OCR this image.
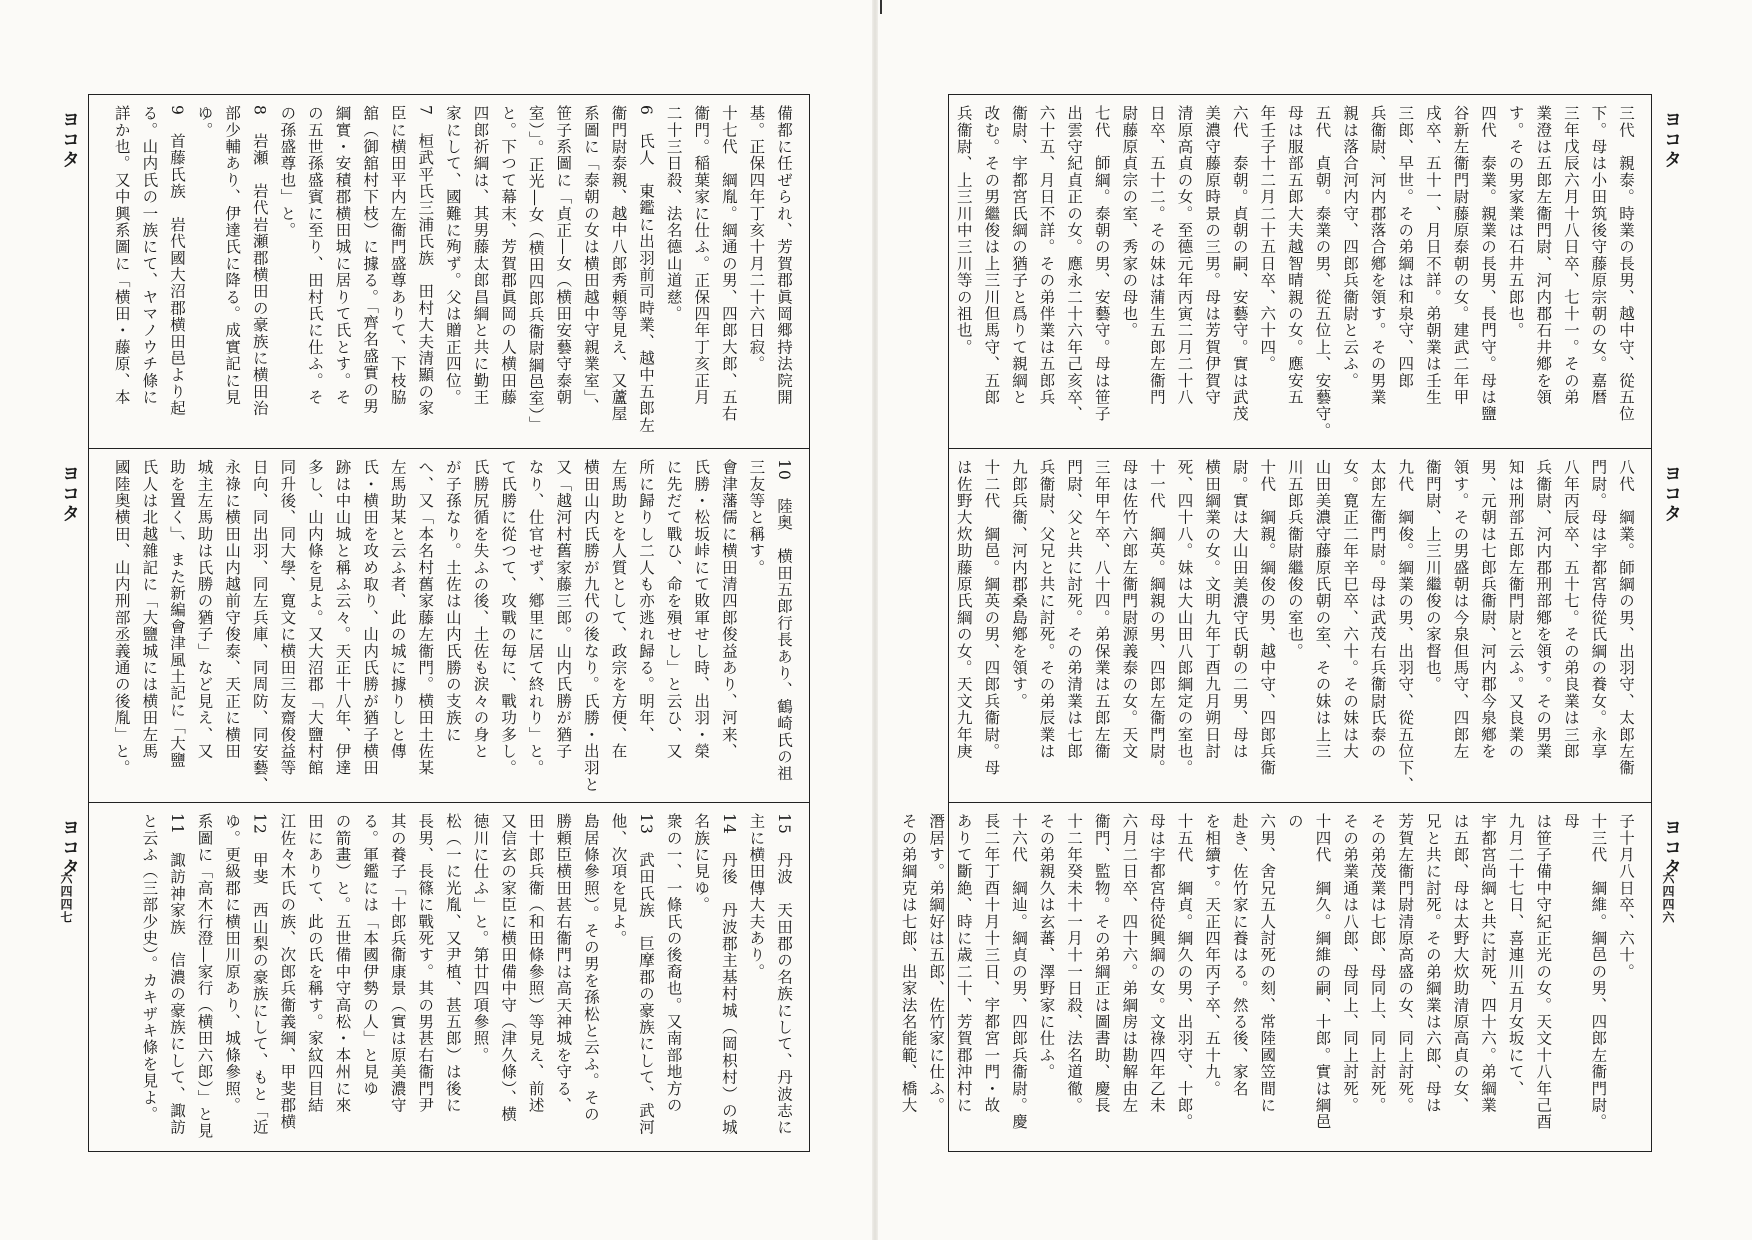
ヨコタ
ヨコタ
ヨコタ
六四四七
備都に任ぜられ、芳賀郡眞岡郷持法院開
基。正保四年丁亥十月二十六日寂。
十七代　綱胤。綱通の男、四郎大郎、五右
衞門。稲葉家に仕ふ。正保四年丁亥正月
二十三日殺、法名德山道慈。
6　氏人　東鑑に出羽前司時業、越中五郎左
衞門尉泰親、越中八郎秀頼等見え、又蘆屋
系圖に「泰朝の女は横田越中守親業室」、
笹子系圖に「貞正―女（横田安藝守泰朝
室）」。正光―女（横田四郎兵衞尉綱邑室）」
と。下つて幕末、芳賀郡眞岡の人横田藤
四郎祈綱は、其男藤太郎昌綱と共に勤王
家にして、國難に殉ず。父は贈正四位。
7　桓武平氏三浦氏族　田村大夫清顯の家
臣に横田平内左衞門盛尊ありて、下枝脇
舘（御舘村下枝）に據る。「齊名盛實の男
綱實・安積郡横田城に居りて氏とす。そ
の五世孫盛賓に至り、田村氏に仕ふ。そ
の孫盛尊也」と。
8　岩瀬　岩代岩瀬郡横田の豪族に横田治
部少輔あり、伊達氏に降る。成實記に見
ゆ。
9　首藤氏族　岩代國大沼郡横田邑より起
る。山内氏の一族にて、ヤマノウチ條に
詳か也。又中興系圖に「横田・藤原、本
10　陸奥　横田五郎行長あり、鶴崎氏の祖
三友等と稱す。
會津藩儒に横田清四郎俊益あり、河来、
氏勝・松坂峠にて敗軍せし時、出羽・榮
に先だて戰ひ、命を殞せし」と云ひ、又
所に歸りし二人も亦逃れ歸る。明年、
左馬助とを人質として、政宗を方便、在
横田山内氏勝が九代の後なり。氏勝・出羽と
又「越河村舊家藤三郎。山内氏勝が猶子
なり、仕官せず、鄕里に居て終れり」と。
て氏勝に從つて、攻戰の毎に、戰功多し。
氏勝尻循を失ふの後、土佐も涙々の身と
が子孫なり。土佐は山内氏勝の支族に
へ、又「本名村舊家藤左衞門。横田土佐某
左馬助某と云ふ者、此の城に據りしと傳
氏・横田を攻め取り、山内氏勝が猶子横田
跡は中山城と稱ふ云々。天正十八年、伊達
多し、山内條を見よ。又大沼郡「大鹽村館
同升後、同大學、寛文に横田三友齋俊益等
日向、同出羽、同左兵庫、同周防、同安藝、
永祿に横田山内越前守俊泰、天正に横田
城主左馬助は氏勝の猶子」など見え、又
助を置く」、また新編會津風土記に「大鹽
氏人は北越雜記に「大鹽城には横田左馬
國陸奥横田、山内刑部丞義通の後胤」と。
15　丹波　天田郡の名族にして、丹波志に
主に横田傳大夫あり。
14　丹後　丹波郡主基村城（岡枳村）の城
名族に見ゆ。
衆の一、一條氏の後裔也。又南部地方の
13　武田氏族　巨摩郡の豪族にして、武河
他、次項を見よ。
島居條參照）。その男を孫松と云ふ。その
勝頼臣横田甚右衞門は高天神城を守る、
田十郎兵衞（和田條參照）等見え、前述
又信玄の家臣に横田備中守（津久條）、横
徳川に仕ふ」と。第廿四項參照。
松（一に光胤、又尹植、甚五郎）は後に
長男、長篠に戰死す。其の男甚右衞門尹
其の養子「十郎兵衞康景（實は原美濃守
る。軍鑑には「本國伊勢の人」と見ゆ
の箭畫）と。五世備中守高松・本州に來
田にありて、此の氏を稱す。家紋四目結
江佐々木氏の族、次郎兵衞義綱、甲斐郡横
12　甲斐　西山梨の豪族にして、もと「近
ゆ。更級郡に横田川原あり、城條參照。
系圖に「高木行澄―家行（横田六郎）」と見
11　諏訪神家族　信濃の豪族にして、諏訪
と云ふ（三部少史）。カキザキ條を見よ。
ヨコタ
ヨコタ
ヨコタ
六四四六
三代　親泰。時業の長男、越中守、從五位
下。母は小田筑後守藤原宗朝の女。嘉暦
三年戊辰六月十八日卒、七十一。その弟
業澄は五郎左衞門尉、河内郡石井鄕を領
す。その男家業は石井五郎也。
四代　泰業。親業の長男、長門守。母は鹽
谷新左衞門尉藤原泰朝の女。建武二年甲
戌卒、五十一、月日不詳。弟朝業は壬生
三郎、早世。その弟綱は和泉守、四郎
兵衞尉、河内郡落合鄕を領す。その男業
親は落合河内守、四郎兵衞尉と云ふ。
五代　貞朝。泰業の男、從五位上、安藝守。
母は服部五郎大夫越智晴親の女。應安五
年壬子十二月二十五日卒、六十四。
六代　泰朝。貞朝の嗣、安藝守。實は武茂
美濃守藤原時景の三男。母は芳賀伊賀守
清原高貞の女。至德元年丙寅二月二十八
日卒、五十二。その妹は蒲生五郎左衞門
尉藤原貞宗の室、秀家の母也。
七代　師綱。泰朝の男、安藝守。母は笹子
出雲守紀貞正の女。應永二十六年己亥卒、
六十五、月日不詳。その弟伴業は五郎兵
衞尉、宇都宮氏綱の猶子と爲りて親綱と
改む。その男繼俊は上三川但馬守、五郎
兵衞尉、上三川中三川等の祖也。
八代　綱業。師綱の男、出羽守、太郎左衞
門尉。母は宇都宮侍從氏綱の養女。永享
八年丙辰卒、五十七。その弟良業は三郎
兵衞尉、河内郡刑部鄕を領す。その男業
知は刑部五郎左衞門尉と云ふ。又良業の
男、元朝は七郎兵衞尉、河内郡今泉鄕を
領す。その男盛朝は今泉但馬守、四郎左
衞門尉、上三川繼俊の家督也。
九代　綱俊。綱業の男、出羽守、從五位下、
太郎左衞門尉。母は武茂右兵衞尉氏泰の
女。寛正二年辛巳卒、六十。その妹は大
山田美濃守藤原氏朝の室、その妹は上三
川五郎兵衞尉繼俊の室也。
十代　綱親。綱俊の男、越中守、四郎兵衞
尉。實は大山田美濃守氏朝の二男、母は
横田綱業の女。文明九年丁酉九月朔日討
死、四十八。妹は大山田八郎綱定の室也。
十一代　綱英。綱親の男、四郎左衞門尉。
母は佐竹六郎左衞門尉源義泰の女。天文
三年甲午卒、八十四。弟保業は五郎左衞
門尉、父と共に討死。その弟清業は七郎
兵衞尉、父兄と共に討死。その弟辰業は
九郎兵衞、河内郡桑島鄕を領す。
十二代　綱邑。綱英の男、四郎兵衞尉。母
は佐野大炊助藤原氏綱の女。天文九年庚
子十月八日卒、六十。
十三代　綱維。綱邑の男、四郎左衞門尉。母
は笹子備中守紀正光の女。天文十八年己酉
九月二十七日、喜連川五月女坂にて、
宇都宮尚綱と共に討死、四十六。弟綱業
は五郎、母は太野大炊助清原高貞の女、
兄と共に討死。その弟綱業は六郎、母は
芳賀左衞門尉清原高盛の女、同上討死。
その弟茂業は七郎、母同上、同上討死。
その弟業通は八郎、母同上、同上討死。
十四代　綱久。綱維の嗣、十郎。實は綱邑の
六男、舍兄五人討死の刻、常陸國笠間に
赴き、佐竹家に養はる。然る後、家名
を相續す。天正四年丙子卒、五十九。
十五代　綱貞。綱久の男、出羽守、十郎。
母は宇都宮侍從興綱の女。文祿四年乙未
六月二日卒、四十六。弟綱房は勘解由左
衞門、監物。その弟綱正は圖書助、慶長
十二年癸未十一月十一日殺、法名道徹。
その弟親久は玄蕃、澤野家に仕ふ。
十六代　綱辿。綱貞の男、四郎兵衞尉。慶
長二年丁酉十月十三日、宇都宮一門・故
ありて斷絶、時に歳二十、芳賀郡沖村に
潛居す。弟綱好は五郎、佐竹家に仕ふ。
その弟綱克は七郎、出家法名能範、橋大
